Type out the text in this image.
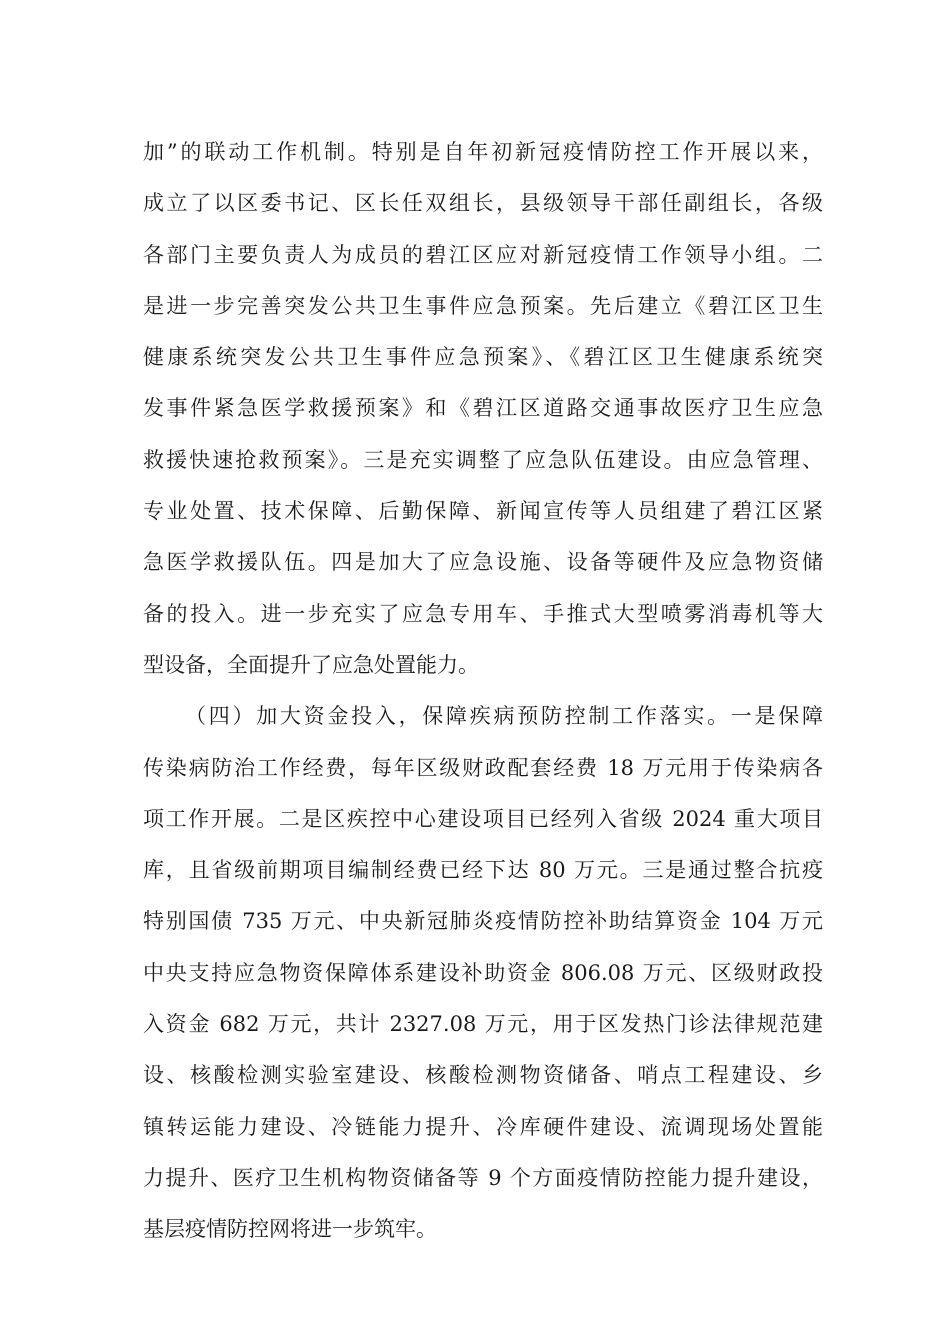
加”的联动工作机制。特别是自年初新冠疫情防控工作开展以来，
成立了以区委书记、区长任双组长，县级领导干部任副组长，各级
各部门主要负责人为成员的碧江区应对新冠疫情工作领导小组。二
是进一步完善突发公共卫生事件应急预案。先后建立《碧江区卫生
健康系统突发公共卫生事件应急预案》、《碧江区卫生健康系统突
发事件紧急医学救援预案》和《碧江区道路交通事故医疗卫生应急
救援快速抢救预案》。三是充实调整了应急队伍建设。由应急管理、
专业处置、技术保障、后勤保障、新闻宣传等人员组建了碧江区紧
急医学救援队伍。四是加大了应急设施、设备等硬件及应急物资储
备的投入。进一步充实了应急专用车、手推式大型喷雾消毒机等大
型设备，全面提升了应急处置能力。
（四）加大资金投入，保障疾病预防控制工作落实。一是保障
传染病防治工作经费，每年区级财政配套经费 18 万元用于传染病各
项工作开展。二是区疾控中心建设项目已经列入省级 2024 重大项目
库，且省级前期项目编制经费已经下达 80 万元。三是通过整合抗疫
特别国债 735 万元、中央新冠肺炎疫情防控补助结算资金 104 万元
中央支持应急物资保障体系建设补助资金 806.08 万元、区级财政投
入资金 682 万元，共计 2327.08 万元，用于区发热门诊法律规范建
设、核酸检测实验室建设、核酸检测物资储备、哨点工程建设、乡
镇转运能力建设、冷链能力提升、冷库硬件建设、流调现场处置能
力提升、医疗卫生机构物资储备等 9 个方面疫情防控能力提升建设，
基层疫情防控网将进一步筑牢。
